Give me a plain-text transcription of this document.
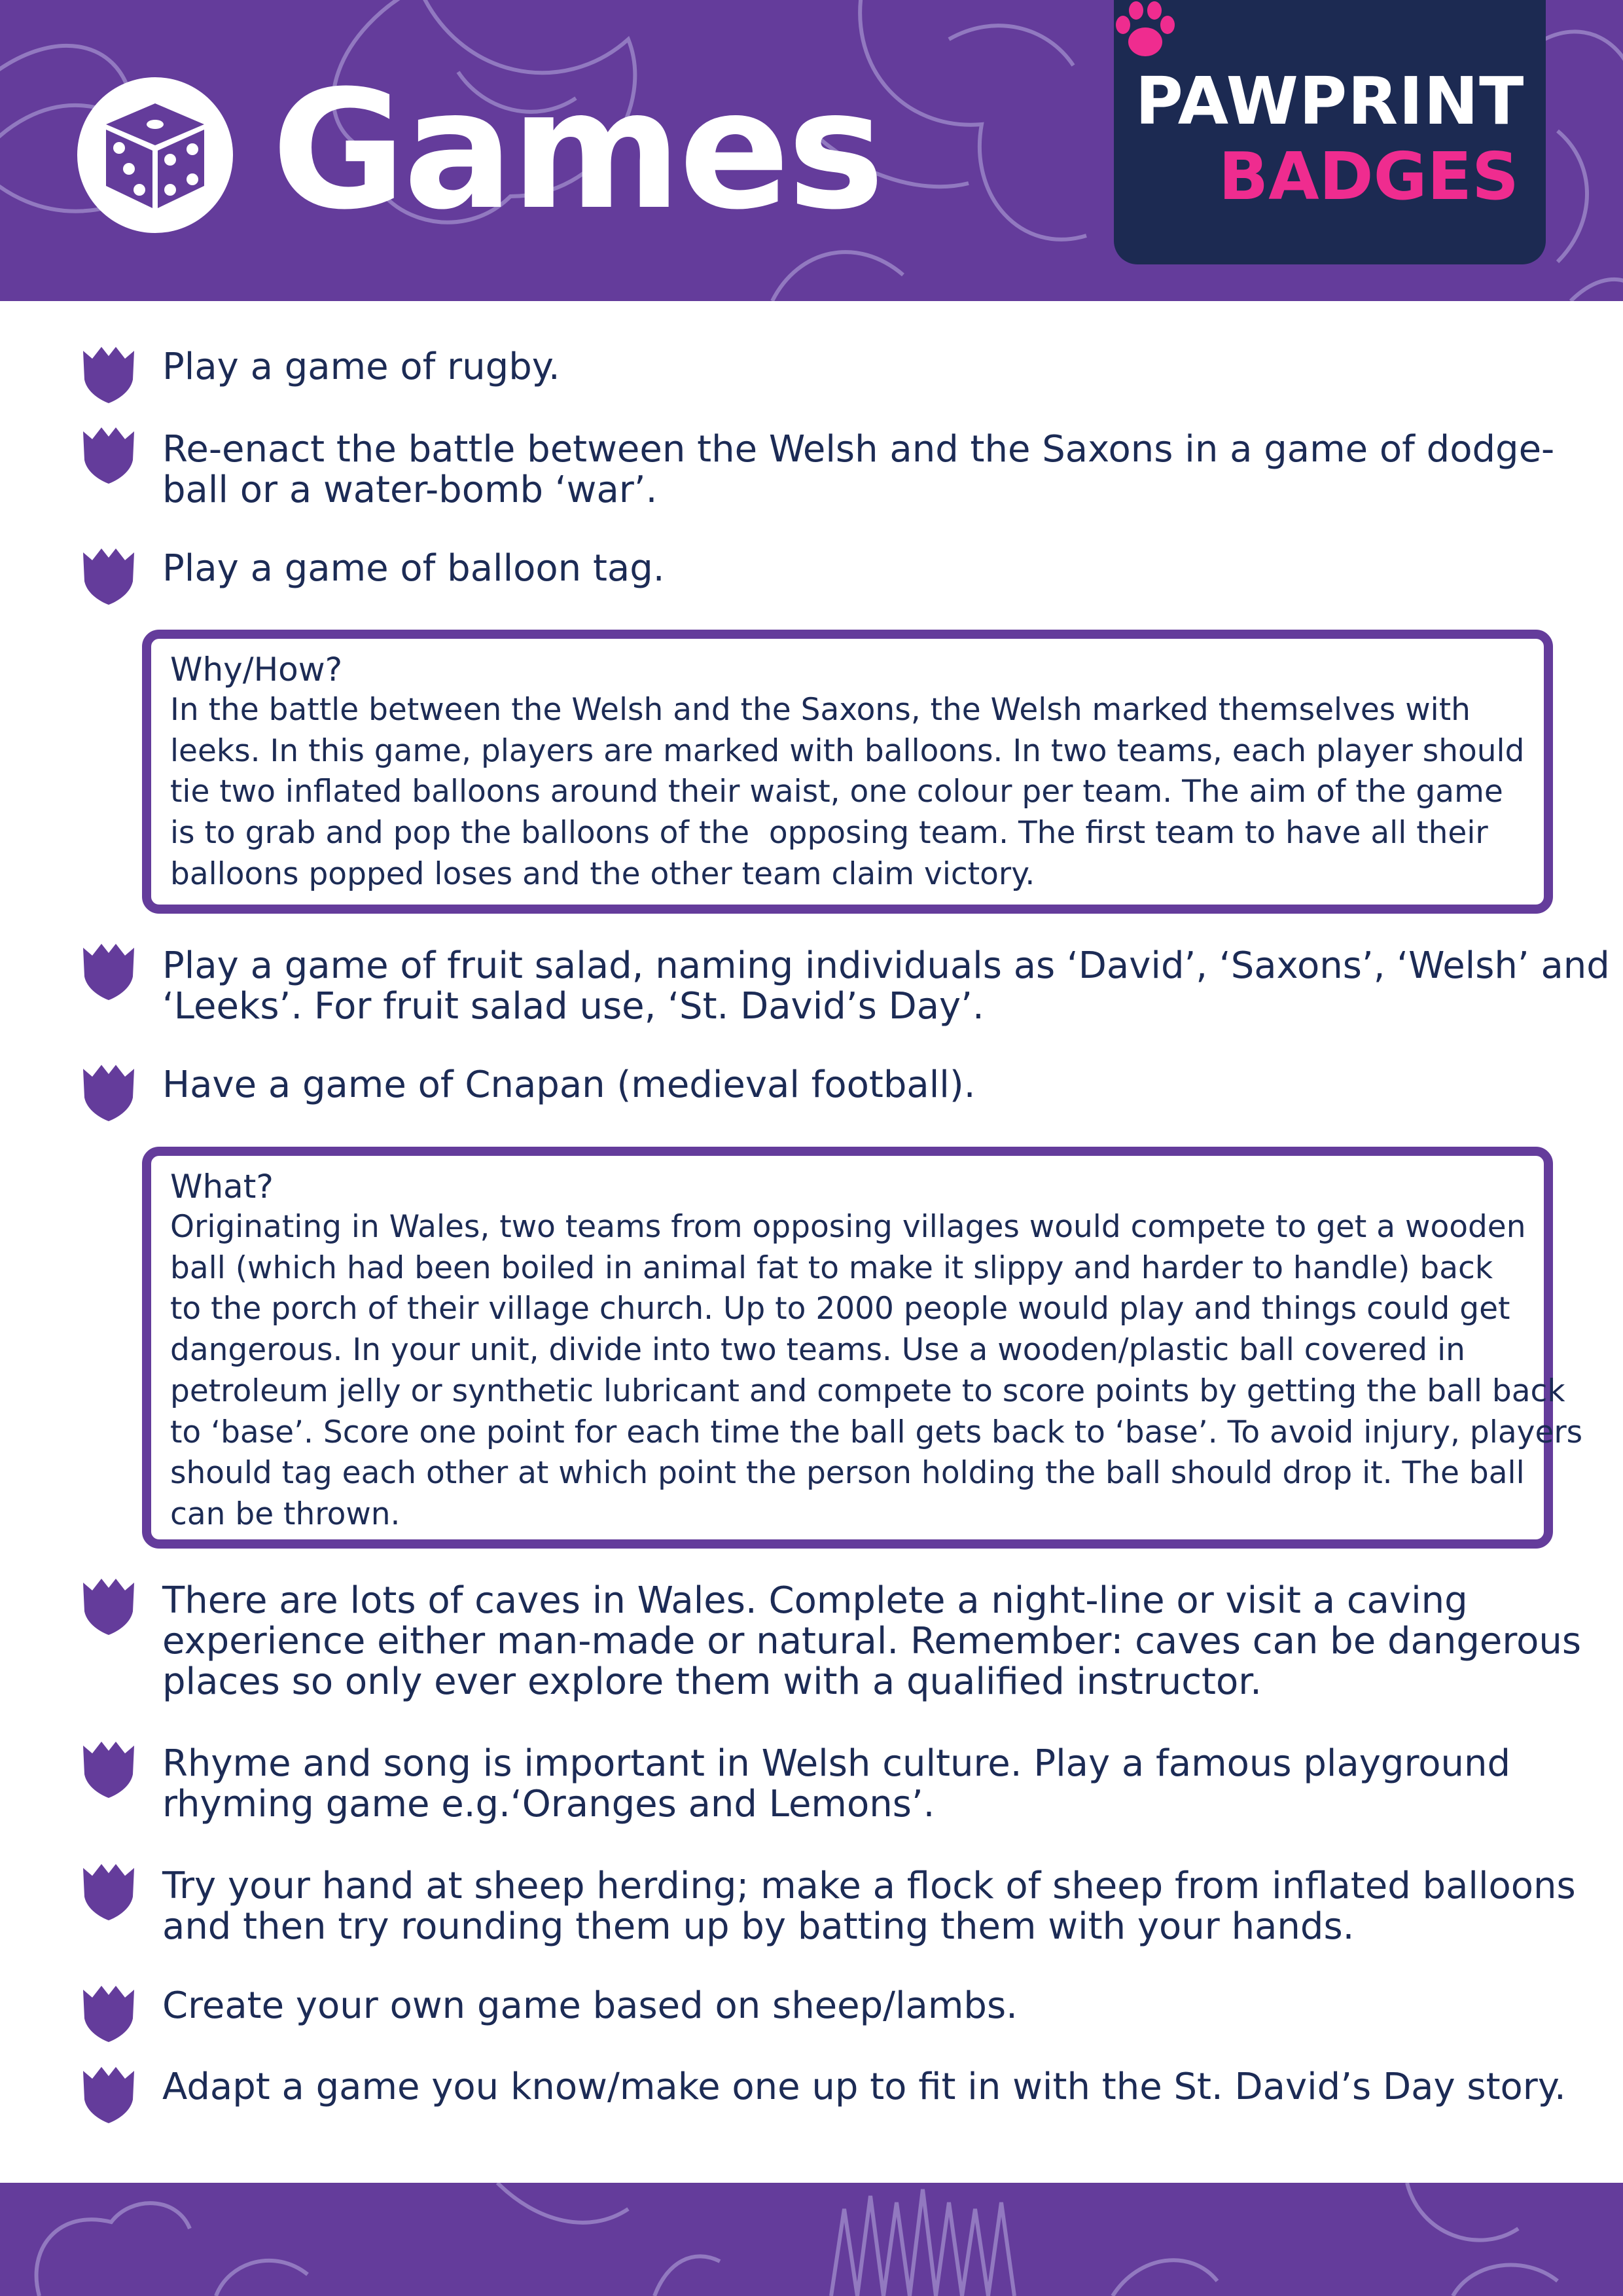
Games	PAWPRINT
BADGES
Play a game of rugby.
Re-enact the battle between the Welsh and the Saxons in a game of dodge-
ball or a water-bomb ‘war’.
Play a game of balloon tag.
Why/How?
In the battle between the Welsh and the Saxons, the Welsh marked themselves with
leeks. In this game, players are marked with balloons. In two teams, each player should
tie two inflated balloons around their waist, one colour per team. The aim of the game
is to grab and pop the balloons of the  opposing team. The first team to have all their
balloons popped loses and the other team claim victory.
Play a game of fruit salad, naming individuals as ‘David’, ‘Saxons’, ‘Welsh’ and
‘Leeks’. For fruit salad use, ‘St. David’s Day’.
Have a game of Cnapan (medieval football).
What?
Originating in Wales, two teams from opposing villages would compete to get a wooden
ball (which had been boiled in animal fat to make it slippy and harder to handle) back
to the porch of their village church. Up to 2000 people would play and things could get
dangerous. In your unit, divide into two teams. Use a wooden/plastic ball covered in
petroleum jelly or synthetic lubricant and compete to score points by getting the ball back
to ‘base’. Score one point for each time the ball gets back to ‘base’. To avoid injury, players
should tag each other at which point the person holding the ball should drop it. The ball
can be thrown.
There are lots of caves in Wales. Complete a night-line or visit a caving
experience either man-made or natural. Remember: caves can be dangerous
places so only ever explore them with a qualified instructor.
Rhyme and song is important in Welsh culture. Play a famous playground
rhyming game e.g.‘Oranges and Lemons’.
Try your hand at sheep herding; make a flock of sheep from inflated balloons
and then try rounding them up by batting them with your hands.
Create your own game based on sheep/lambs.
Adapt a game you know/make one up to fit in with the St. David’s Day story.
